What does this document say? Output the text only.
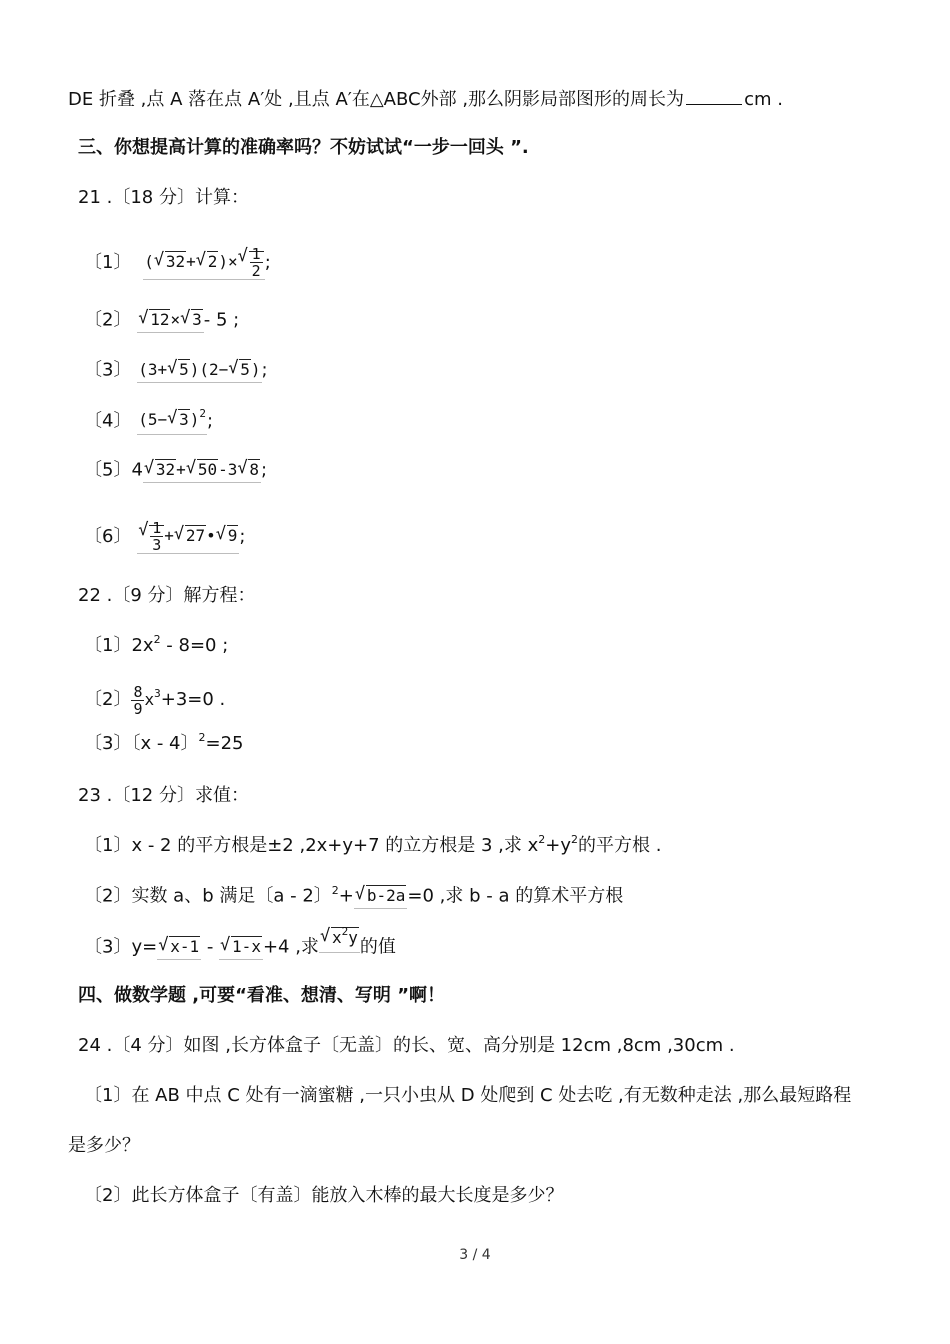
DE 折叠 ,点 A 落在点 A′处 ,且点 A′在△ABC外部 ,那么阴影局部图形的周长为	cm .
三、你想提高计算的准确率吗？不妨试试“一步一回头 ”.
21 .〔18 分〕计算：
〔1〕 ( √ 32+ √ 2)× √ $\frac{1}{2}$ ;
〔2〕 √ 12× √ 3 - 5 ;
〔3〕 (3+ √ 5)(2− √ 5);
〔4〕 (5− √ 3)$^2$;
〔5〕4 √ 32+ √ 50-3 √ 8 ;
〔6〕 √ $\frac{1}{3}$ + √ 27• √ 9 ;
22 .〔9 分〕解方程：
〔1〕$2x^2 - 8=0$ ;
〔2〕 $\frac{8}{9} x^3+3=0$ .
〔3〕〔x - 4〕$^2$=25
23 .〔12 分〕求值：
〔1〕x - 2 的平方根是±2 ,2x+y+7 的立方根是 3 ,求 $x^2+y^2$的平方根 .
〔2〕实数 a、b 满足〔a - 2〕$^2$+ √ b-2a =0 ,求 b - a 的算术平方根
〔3〕y= √ x-1 - √ 1-x +4 ,求 √ $x^2y$ 的值
四、做数学题 ,可要“看准、想清、写明 ”啊！
24 .〔4 分〕如图 ,长方体盒子〔无盖〕的长、宽、高分别是 12cm ,8cm ,30cm .
〔1〕在 AB 中点 C 处有一滴蜜糖 ,一只小虫从 D 处爬到 C 处去吃 ,有无数种走法 ,那么最短路程
是多少？
〔2〕此长方体盒子〔有盖〕能放入木棒的最大长度是多少？
3 / 4
